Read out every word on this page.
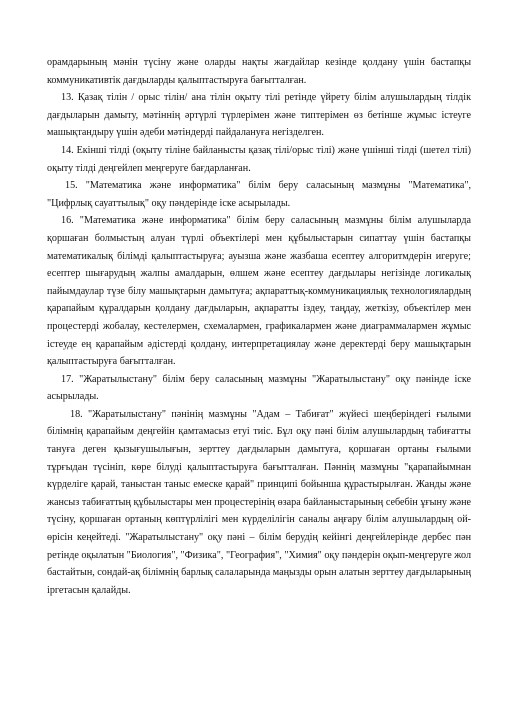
орамдарының мәнін түсіну және оларды нақты жағдайлар кезінде қолдану үшін бастапқы коммуникативтік дағдыларды қалыптастыруға бағытталған.

13. Қазақ тілін / орыс тілін/ ана тілін оқыту тілі ретінде үйрету білім алушылардың тілдік дағдыларын дамыту, мәтіннің әртүрлі түрлерімен және типтерімен өз бетінше жұмыс істеуге машықтандыру үшін әдеби мәтіндерді пайдалануға негізделген.

14. Екінші тілді (оқыту тіліне байланысты қазақ тілі/орыс тілі) және үшінші тілді (шетел тілі) оқыту тілді деңгейлеп меңгеруге бағдарланған.

15. "Математика және информатика" білім беру саласының мазмұны "Математика", "Цифрлық сауаттылық" оқу пәндерінде іске асырылады.

16. "Математика және информатика" білім беру саласының мазмұны білім алушыларда қоршаған болмыстың алуан түрлі объектілері мен құбылыстарын сипаттау үшін бастапқы математикалық білімді қалыптастыруға; ауызша және жазбаша есептеу алгоритмдерін игеруге; есептер шығарудың жалпы амалдарын, өлшем және есептеу дағдылары негізінде логикалық пайымдаулар түзе білу машықтарын дамытуға; ақпараттық-коммуникациялық технологиялардың қарапайым құралдарын қолдану дағдыларын, ақпаратты іздеу, таңдау, жеткізу, объектілер мен процестерді жобалау, кестелермен, схемалармен, графикалармен және диаграммалармен жұмыс істеуде ең қарапайым әдістерді қолдану, интерпретациялау және деректерді беру машықтарын қалыптастыруға бағытталған.

17. "Жаратылыстану" білім беру саласының мазмұны "Жаратылыстану" оқу пәнінде іске асырылады.

18. "Жаратылыстану" пәнінің мазмұны "Адам – Табиғат" жүйесі шеңберіндегі ғылыми білімнің қарапайым деңгейін қамтамасыз етуі тиіс. Бұл оқу пәні білім алушылардың табиғатты тануға деген қызығушылығын, зерттеу дағдыларын дамытуға, қоршаған ортаны ғылыми тұрғыдан түсініп, көре білуді қалыптастыруға бағытталған. Пәннің мазмұны "қарапайымнан күрделіге қарай, таныстан таныс емеске қарай" принципі бойынша құрастырылған. Жанды және жансыз табиғаттың құбылыстары мен процестерінің өзара байланыстарының себебін ұғыну және түсіну, қоршаған ортаның көптүрлілігі мен күрделілігін саналы аңғару білім алушылардың ой-өрісін кеңейтеді. "Жаратылыстану" оқу пәні – білім берудің кейінгі деңгейлерінде дербес пән ретінде оқылатын "Биология", "Физика", "География", "Химия" оқу пәндерін оқып-меңгеруге жол бастайтын, сондай-ақ білімнің барлық салаларында маңызды орын алатын зерттеу дағдыларының іргетасын қалайды.
